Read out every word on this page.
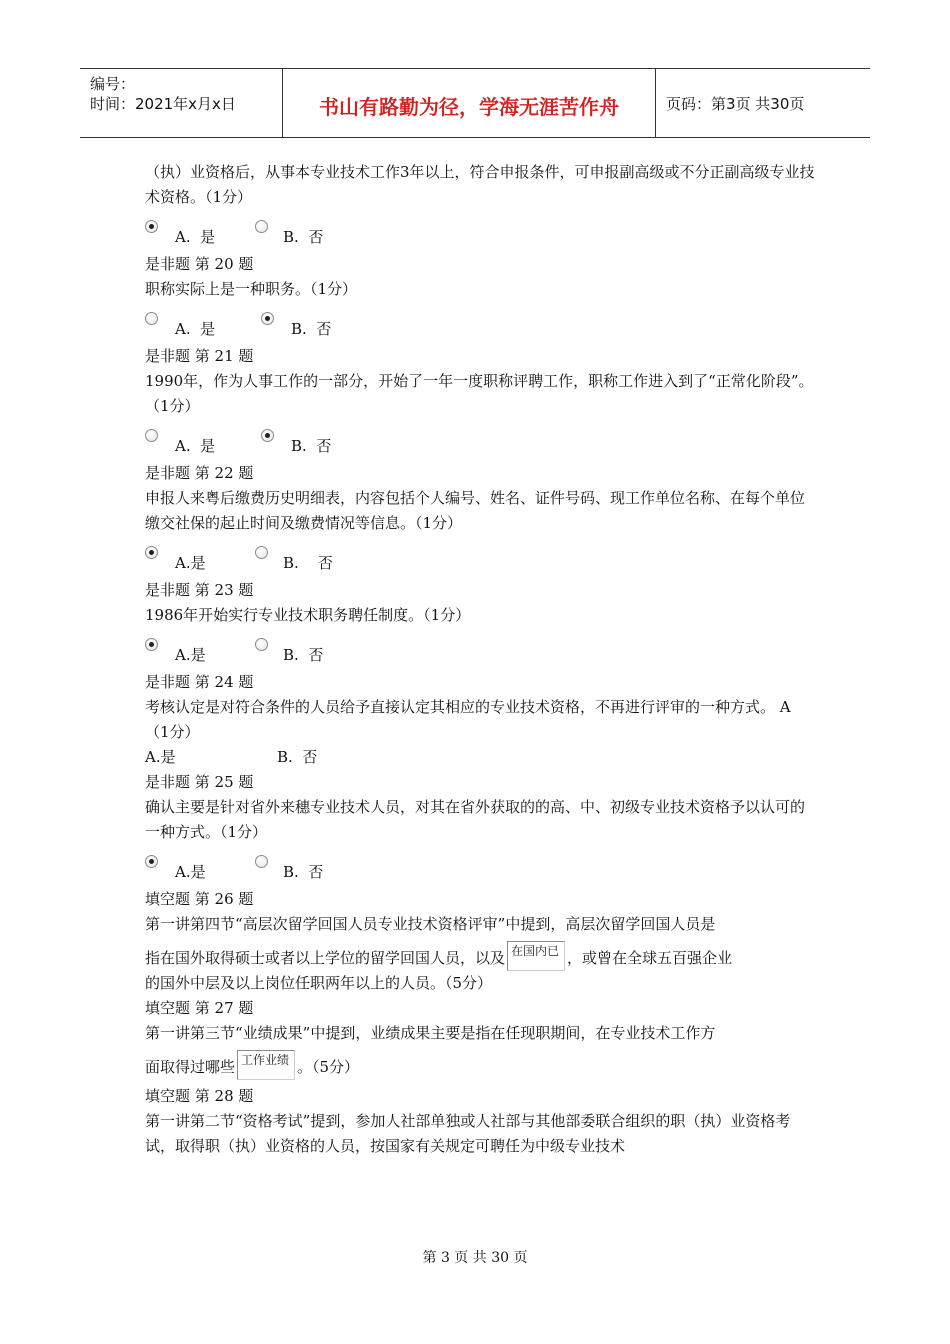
编号：
时间：2021年x月x日	书山有路勤为径，学海无涯苦作舟	页码：第3页 共30页

（执）业资格后，从事本专业技术工作3年以上，符合申报条件，可申报副高级或不分正副高级专业技术资格。（1分）

A.  是	B.  否

是非题 第 20 题

职称实际上是一种职务。（1分）

A.  是	B.  否

是非题 第 21 题

1990年，作为人事工作的一部分，开始了一年一度职称评聘工作，职称工作进入到了“正常化阶段”。（1分）

A.  是	B.  否

是非题 第 22 题

申报人来粤后缴费历史明细表，内容包括个人编号、姓名、证件号码、现工作单位名称、在每个单位缴交社保的起止时间及缴费情况等信息。（1分）

A.是	B.    否

是非题 第 23 题

1986年开始实行专业技术职务聘任制度。（1分）

A.是	B.  否

是非题 第 24 题

考核认定是对符合条件的人员给予直接认定其相应的专业技术资格，不再进行评审的一种方式。 A（1分）

A.是	B.  否

是非题 第 25 题

确认主要是针对省外来穗专业技术人员，对其在省外获取的的高、中、初级专业技术资格予以认可的一种方式。（1分）

A.是	B.  否

填空题 第 26 题

第一讲第四节“高层次留学回国人员专业技术资格评审”中提到，高层次留学回国人员是

指在国外取得硕士或者以上学位的留学回国人员，以及 在国内已 ，或曾在全球五百强企业

的国外中层及以上岗位任职两年以上的人员。（5分）

填空题 第 27 题

第一讲第三节“业绩成果”中提到，业绩成果主要是指在任现职期间，在专业技术工作方

面取得过哪些 工作业绩 。（5分）

填空题 第 28 题

第一讲第二节“资格考试”提到，参加人社部单独或人社部与其他部委联合组织的职（执）业资格考试，取得职（执）业资格的人员，按国家有关规定可聘任为中级专业技术

第 3 页 共 30 页
